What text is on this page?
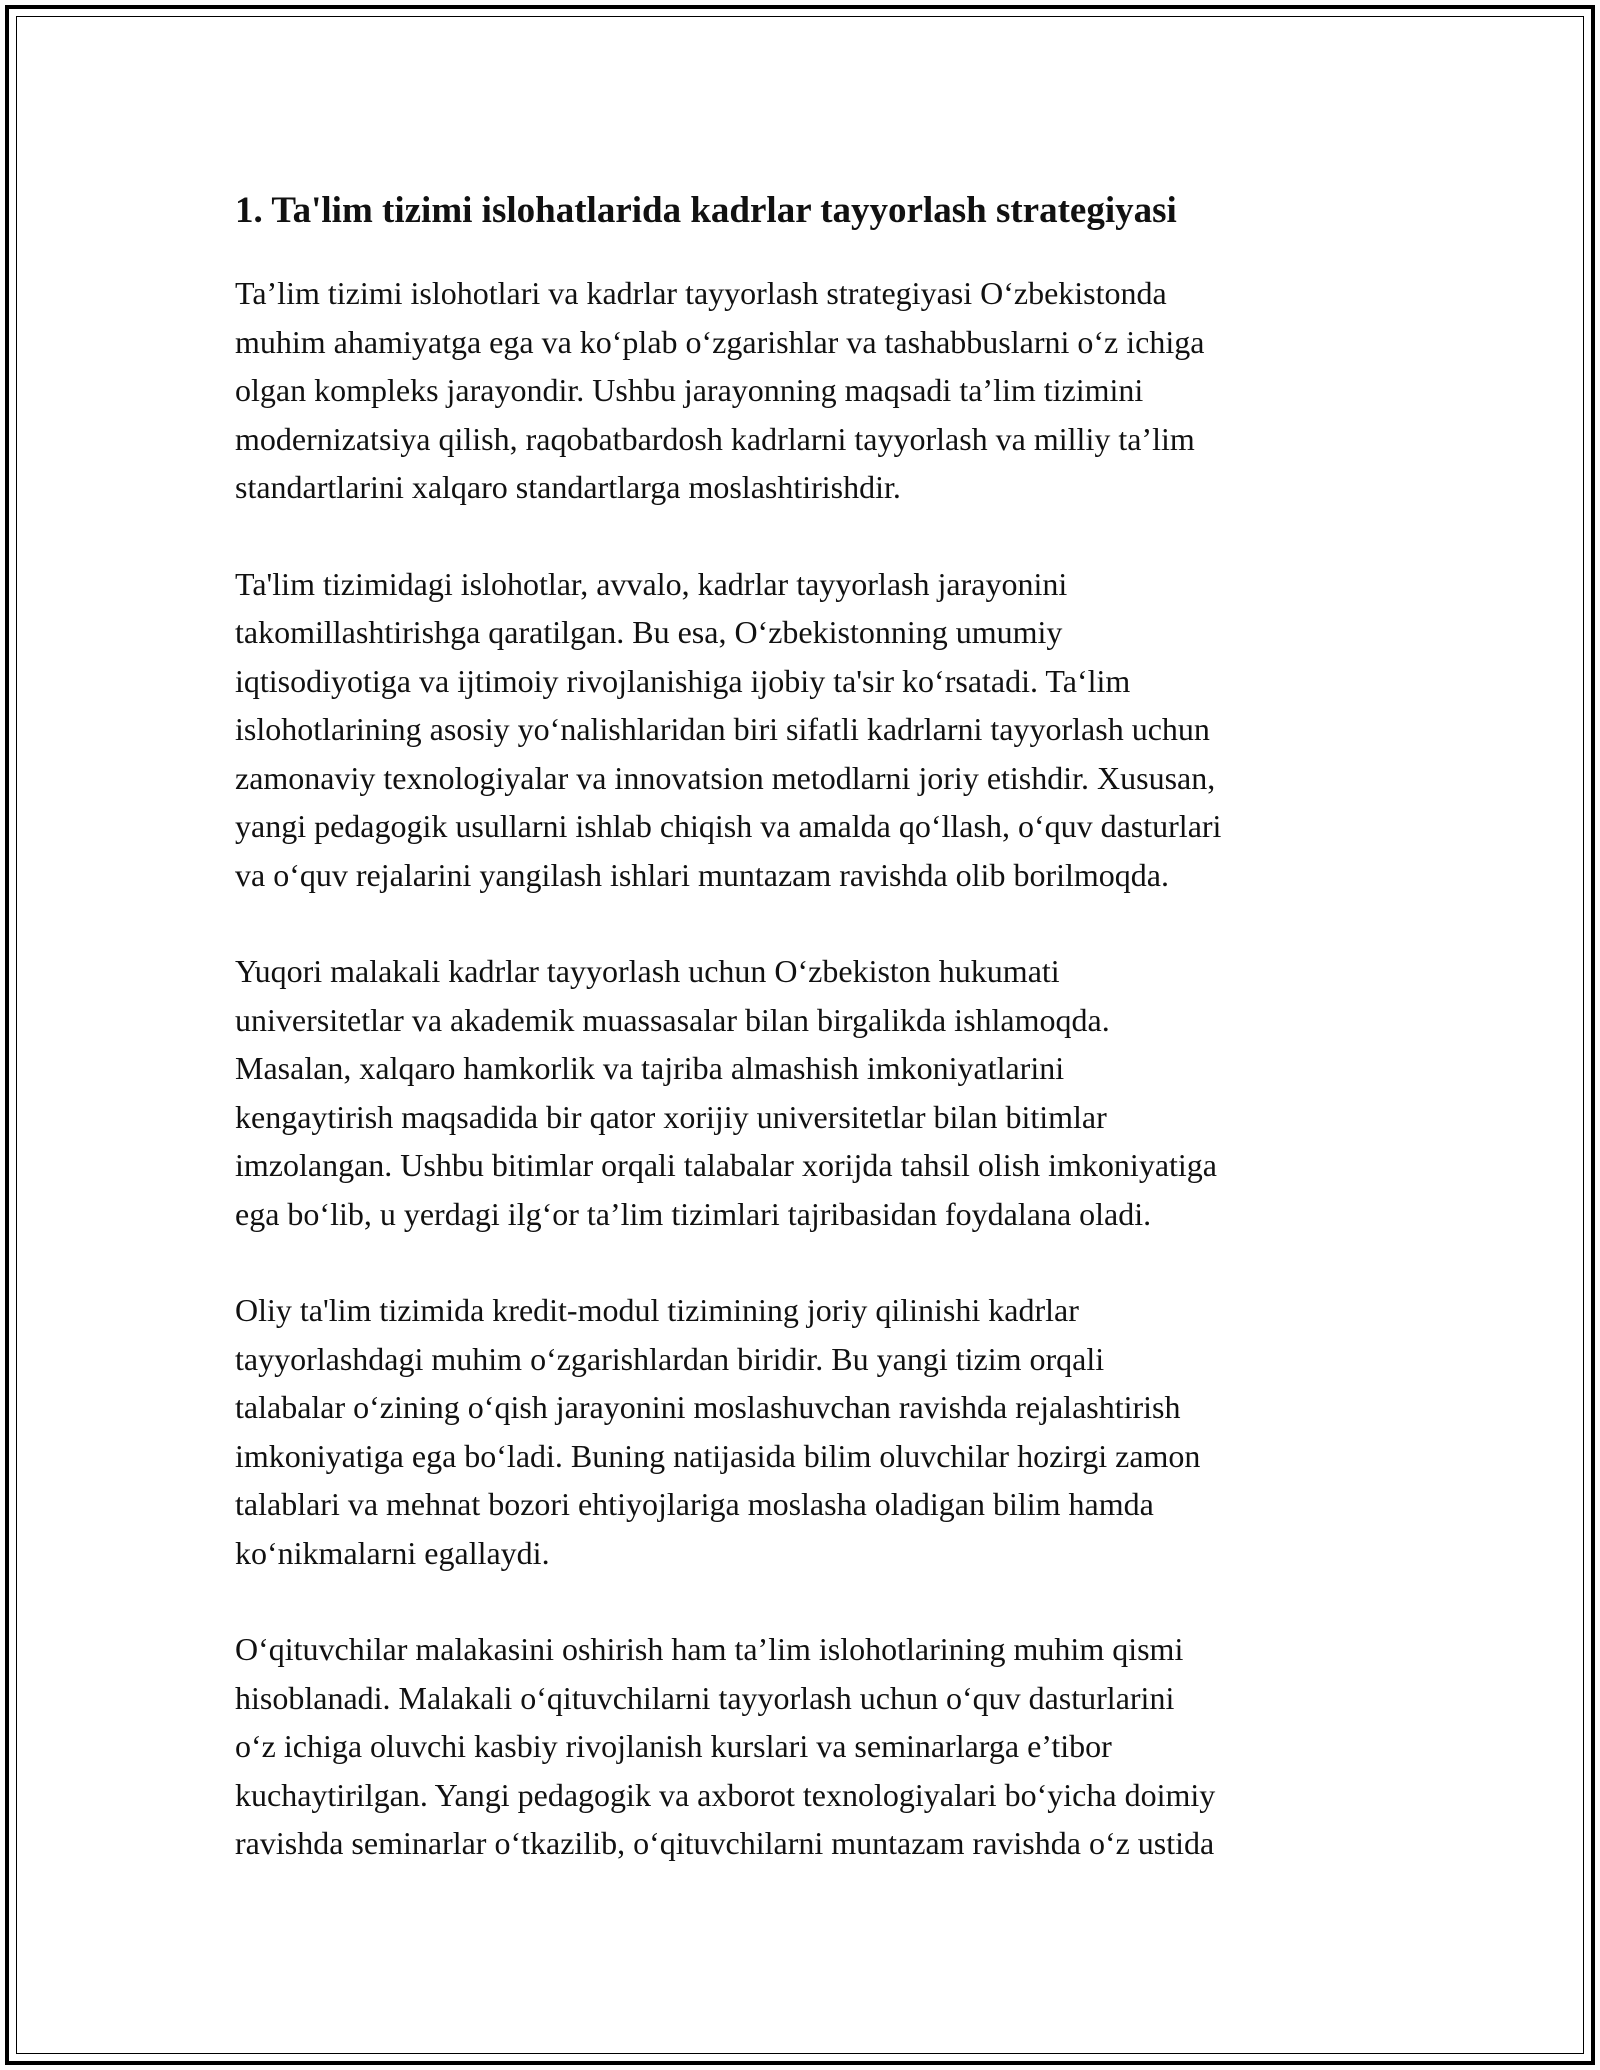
1. Ta'lim tizimi islohatlarida kadrlar tayyorlash strategiyasi

Ta’lim tizimi islohotlari va kadrlar tayyorlash strategiyasi O‘zbekistonda
muhim ahamiyatga ega va ko‘plab o‘zgarishlar va tashabbuslarni o‘z ichiga
olgan kompleks jarayondir. Ushbu jarayonning maqsadi ta’lim tizimini
modernizatsiya qilish, raqobatbardosh kadrlarni tayyorlash va milliy ta’lim
standartlarini xalqaro standartlarga moslashtirishdir.

Ta'lim tizimidagi islohotlar, avvalo, kadrlar tayyorlash jarayonini
takomillashtirishga qaratilgan. Bu esa, O‘zbekistonning umumiy
iqtisodiyotiga va ijtimoiy rivojlanishiga ijobiy ta'sir ko‘rsatadi. Ta‘lim
islohotlarining asosiy yo‘nalishlaridan biri sifatli kadrlarni tayyorlash uchun
zamonaviy texnologiyalar va innovatsion metodlarni joriy etishdir. Xususan,
yangi pedagogik usullarni ishlab chiqish va amalda qo‘llash, o‘quv dasturlari
va o‘quv rejalarini yangilash ishlari muntazam ravishda olib borilmoqda.

Yuqori malakali kadrlar tayyorlash uchun O‘zbekiston hukumati
universitetlar va akademik muassasalar bilan birgalikda ishlamoqda.
Masalan, xalqaro hamkorlik va tajriba almashish imkoniyatlarini
kengaytirish maqsadida bir qator xorijiy universitetlar bilan bitimlar
imzolangan. Ushbu bitimlar orqali talabalar xorijda tahsil olish imkoniyatiga
ega bo‘lib, u yerdagi ilg‘or ta’lim tizimlari tajribasidan foydalana oladi.

Oliy ta'lim tizimida kredit-modul tizimining joriy qilinishi kadrlar
tayyorlashdagi muhim o‘zgarishlardan biridir. Bu yangi tizim orqali
talabalar o‘zining o‘qish jarayonini moslashuvchan ravishda rejalashtirish
imkoniyatiga ega bo‘ladi. Buning natijasida bilim oluvchilar hozirgi zamon
talablari va mehnat bozori ehtiyojlariga moslasha oladigan bilim hamda
ko‘nikmalarni egallaydi.

O‘qituvchilar malakasini oshirish ham ta’lim islohotlarining muhim qismi
hisoblanadi. Malakali o‘qituvchilarni tayyorlash uchun o‘quv dasturlarini
o‘z ichiga oluvchi kasbiy rivojlanish kurslari va seminarlarga e’tibor
kuchaytirilgan. Yangi pedagogik va axborot texnologiyalari bo‘yicha doimiy
ravishda seminarlar o‘tkazilib, o‘qituvchilarni muntazam ravishda o‘z ustida
